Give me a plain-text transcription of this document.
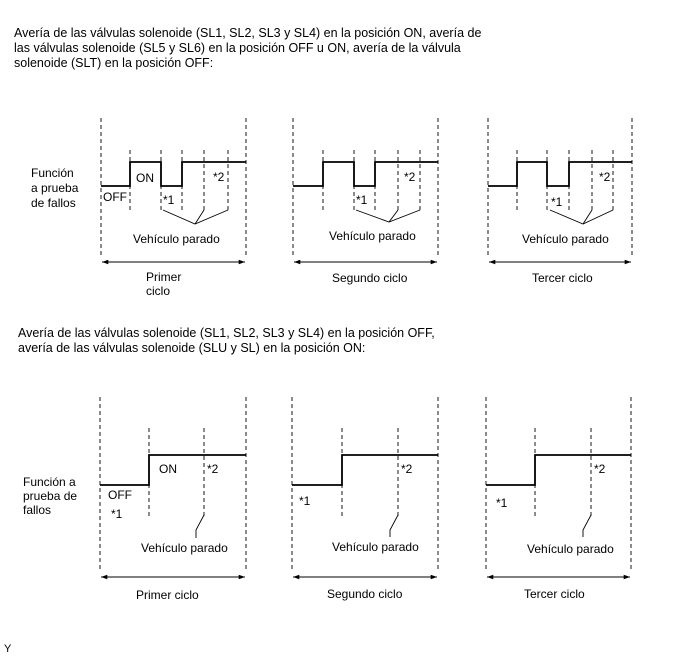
Avería de las válvulas solenoide (SL1, SL2, SL3 y SL4) en la posición ON, avería de
las válvulas solenoide (SL5 y SL6) en la posición OFF u ON, avería de la válvula
solenoide (SLT) en la posición OFF:
Avería de las válvulas solenoide (SL1, SL2, SL3 y SL4) en la posición OFF,
avería de las válvulas solenoide (SLU y SL) en la posición ON:
Función
a prueba
de fallos OFF
ON
*1
*2
Vehículo parado
Primer
ciclo
*1
*2
Vehículo parado
Segundo ciclo
*1
*2
Vehículo parado
Tercer ciclo
Función a
prueba de
fallos
OFF
ON
*1
*2
Vehículo parado
Primer ciclo
*1
*2
Vehículo parado
Segundo ciclo
*1
*2
Vehículo parado
Tercer ciclo
Y
